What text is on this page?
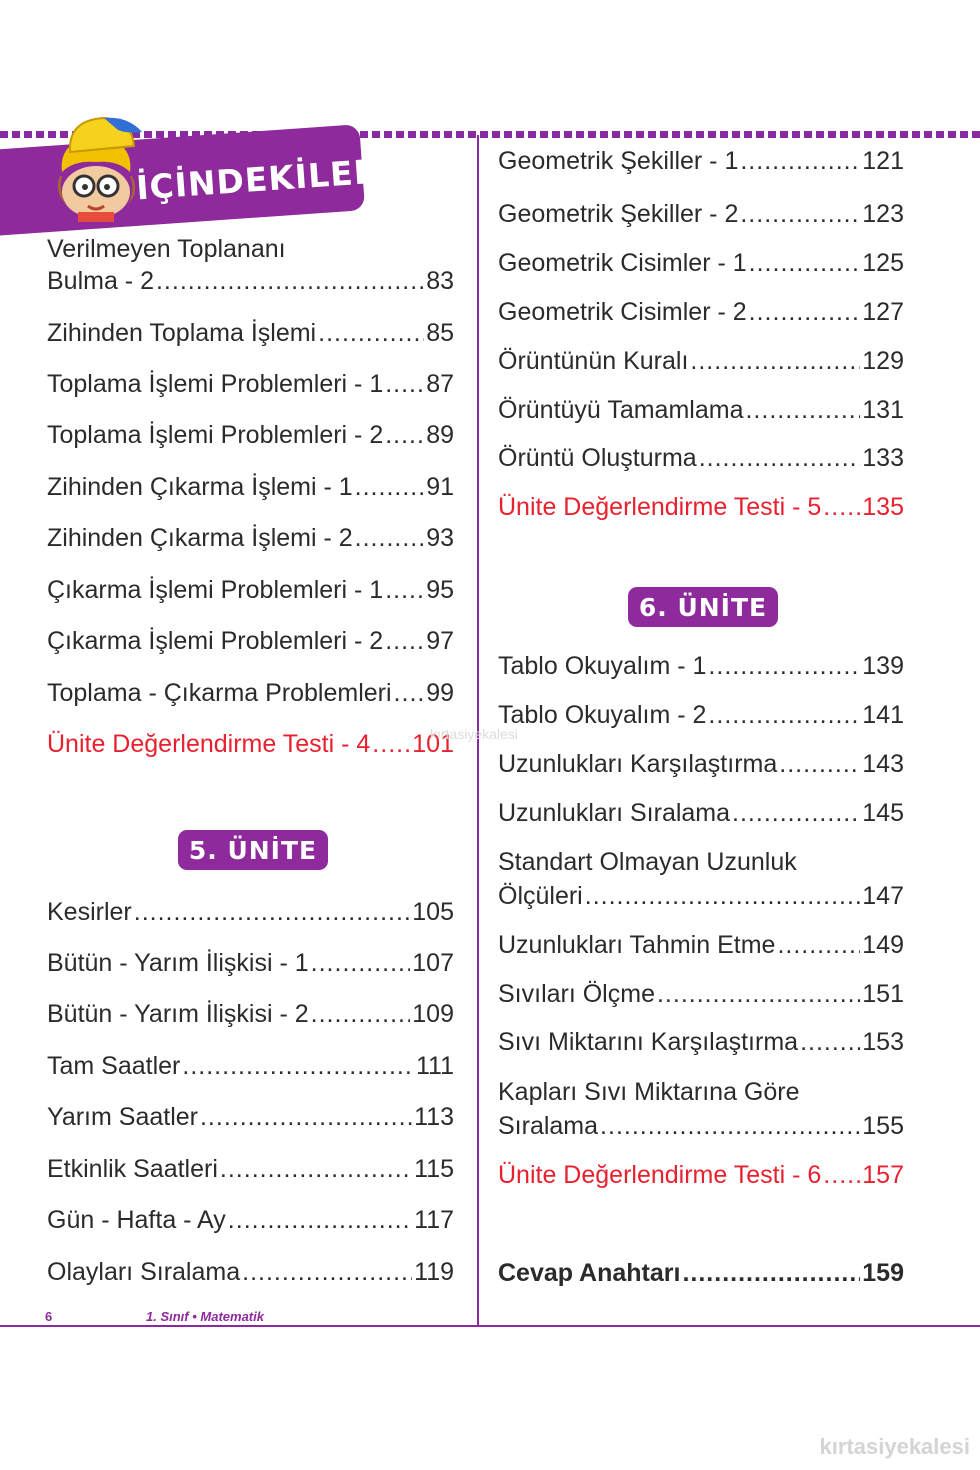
İÇİNDEKİLER
Verilmeyen Toplananı
Bulma - 2 .....	83
Zihinden Toplama İşlemi .....	85
Toplama İşlemi Problemleri - 1 ..... 87
Toplama İşlemi Problemleri - 2 ..... 89
Zihinden Çıkarma İşlemi - 1 .....	91
Zihinden Çıkarma İşlemi - 2 .....	93
Çıkarma İşlemi Problemleri - 1 ..... 95
Çıkarma İşlemi Problemleri - 2 ..... 97
Toplama - Çıkarma Problemleri ..... 99
Ünite Değerlendirme Testi - 4 ..... 101
kırtasiyekalesi
5. ÜNİTE
Kesirler .....	105
Bütün - Yarım İlişkisi - 1 .....	107
Bütün - Yarım İlişkisi - 2 .....	109
Tam Saatler .....	111
Yarım Saatler .....	113
Etkinlik Saatleri .....	115
Gün - Hafta - Ay .....	117
Olayları Sıralama .....	119
Geometrik Şekiller - 1 .....	121
Geometrik Şekiller - 2 .....	123
Geometrik Cisimler - 1 .....	125
Geometrik Cisimler - 2 .....	127
Örüntünün Kuralı .....	129
Örüntüyü Tamamlama .....	131
Örüntü Oluşturma .....	133
Ünite Değerlendirme Testi - 5 ..... 135
6. ÜNİTE
Tablo Okuyalım - 1 .....	139
Tablo Okuyalım - 2 .....	141
Uzunlukları Karşılaştırma .....	143
Uzunlukları Sıralama .....	145
Standart Olmayan Uzunluk
Ölçüleri .....	147
Uzunlukları Tahmin Etme .....	149
Sıvıları Ölçme .....	151
Sıvı Miktarını Karşılaştırma .....	153
Kapları Sıvı Miktarına Göre
Sıralama .....	155
Ünite Değerlendirme Testi - 6 ..... 157
Cevap Anahtarı .....	159
6	1. Sınıf • Matematik
kırtasiyekalesi
